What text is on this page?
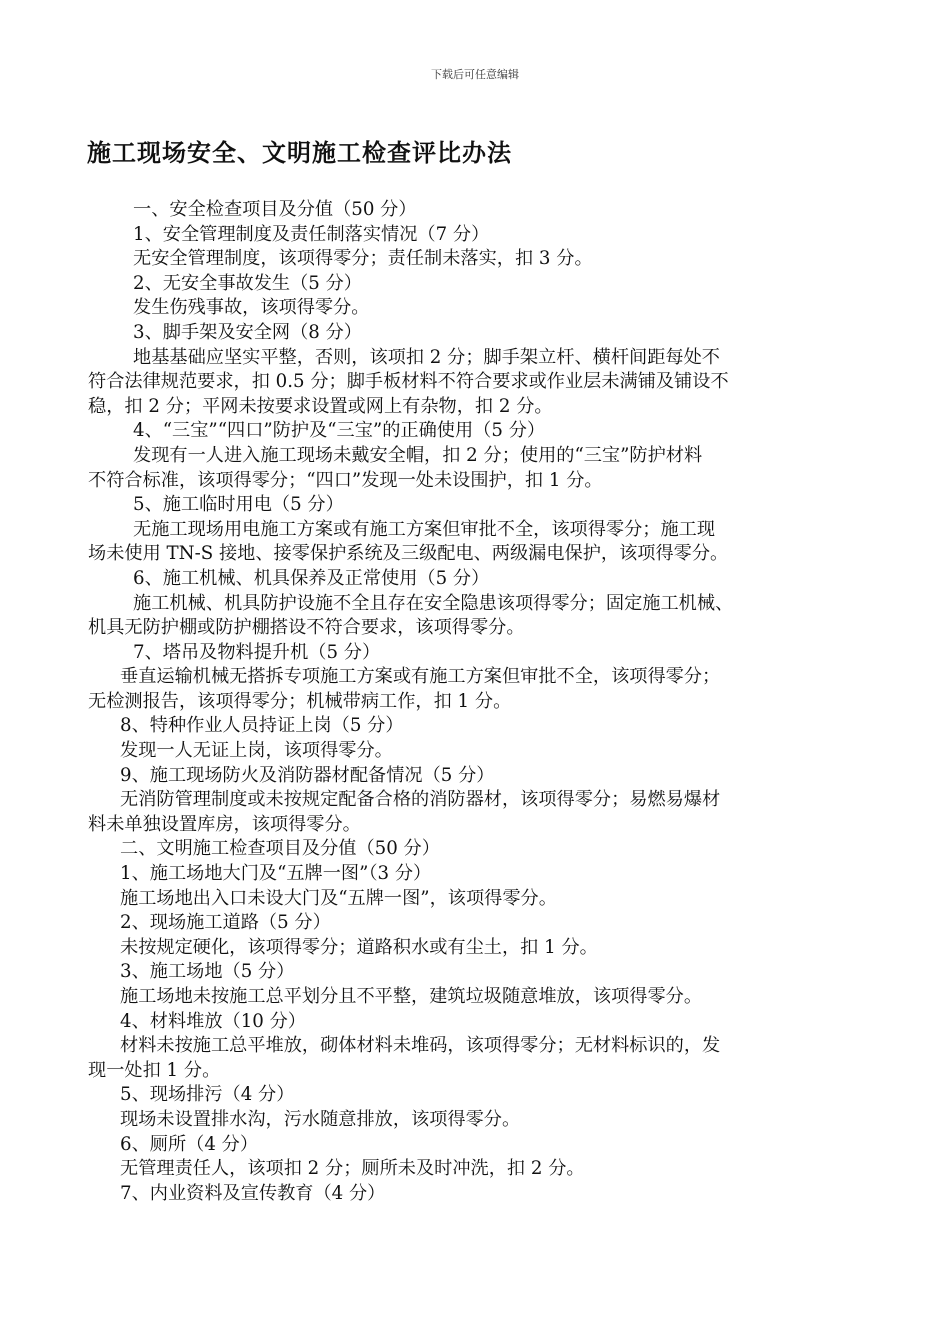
下载后可任意编辑
施工现场安全、文明施工检查评比办法
一、安全检查项目及分值（50 分）
1、安全管理制度及责任制落实情况（7 分）
无安全管理制度，该项得零分；责任制未落实，扣 3 分。
2、无安全事故发生（5 分）
发生伤残事故，该项得零分。
3、脚手架及安全网（8 分）
地基基础应坚实平整，否则，该项扣 2 分；脚手架立杆、横杆间距每处不
符合法律规范要求，扣 0.5 分；脚手板材料不符合要求或作业层未满铺及铺设不
稳，扣 2 分；平网未按要求设置或网上有杂物，扣 2 分。
4、“三宝”“四口”防护及“三宝”的正确使用（5 分）
发现有一人进入施工现场未戴安全帽，扣 2 分；使用的“三宝”防护材料
不符合标准，该项得零分；“四口”发现一处未设围护，扣 1 分。
5、施工临时用电（5 分）
无施工现场用电施工方案或有施工方案但审批不全，该项得零分；施工现
场未使用 TN-S 接地、接零保护系统及三级配电、两级漏电保护，该项得零分。
6、施工机械、机具保养及正常使用（5 分）
施工机械、机具防护设施不全且存在安全隐患该项得零分；固定施工机械、
机具无防护棚或防护棚搭设不符合要求，该项得零分。
7、塔吊及物料提升机（5 分）
垂直运输机械无搭拆专项施工方案或有施工方案但审批不全，该项得零分；
无检测报告，该项得零分；机械带病工作，扣 1 分。
8、特种作业人员持证上岗（5 分）
发现一人无证上岗，该项得零分。
9、施工现场防火及消防器材配备情况（5 分）
无消防管理制度或未按规定配备合格的消防器材，该项得零分；易燃易爆材
料未单独设置库房，该项得零分。
二、文明施工检查项目及分值（50 分）
1、施工场地大门及“五牌一图”（3 分）
施工场地出入口未设大门及“五牌一图”，该项得零分。
2、现场施工道路（5 分）
未按规定硬化，该项得零分；道路积水或有尘土，扣 1 分。
3、施工场地（5 分）
施工场地未按施工总平划分且不平整，建筑垃圾随意堆放，该项得零分。
4、材料堆放（10 分）
材料未按施工总平堆放，砌体材料未堆码，该项得零分；无材料标识的，发
现一处扣 1 分。
5、现场排污（4 分）
现场未设置排水沟，污水随意排放，该项得零分。
6、厕所（4 分）
无管理责任人，该项扣 2 分；厕所未及时冲洗，扣 2 分。
7、内业资料及宣传教育（4 分）
